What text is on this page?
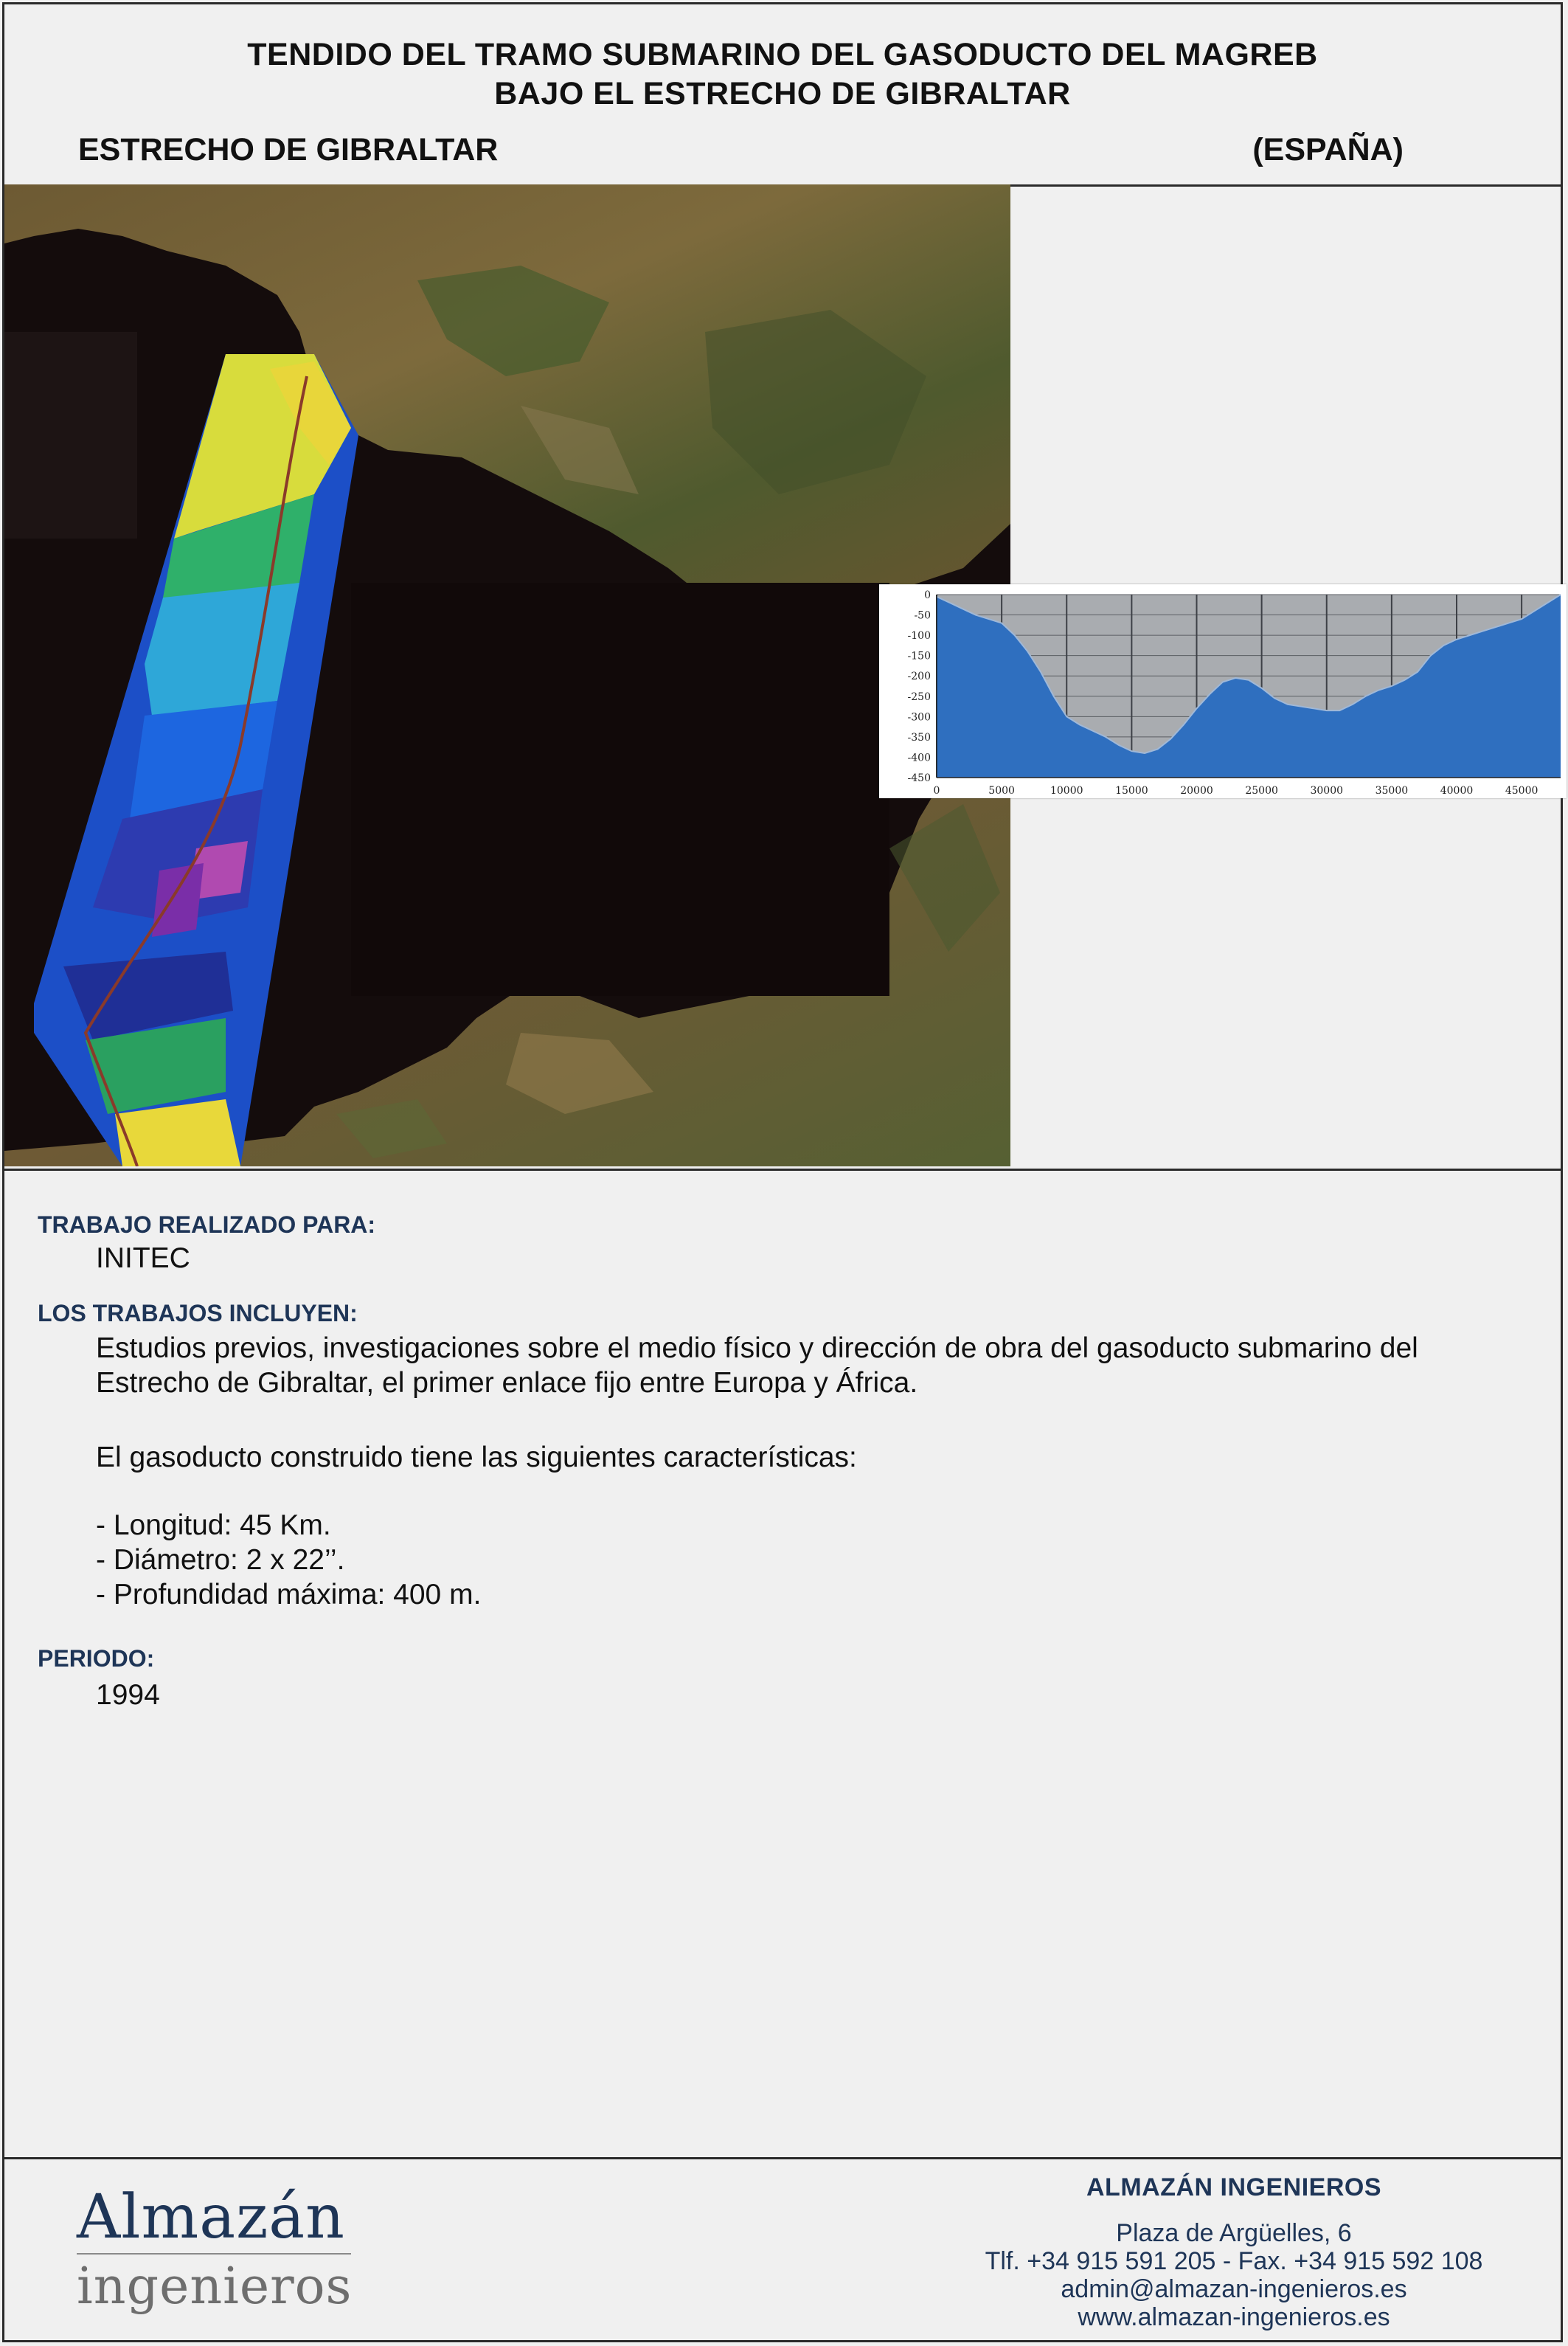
TENDIDO DEL TRAMO SUBMARINO DEL GASODUCTO DEL MAGREB
BAJO EL ESTRECHO DE GIBRALTAR
ESTRECHO DE GIBRALTAR	(ESPAÑA)
0
-50
-100
-150
-200
-250
-300
-350
-400
-450
0	5000	10000	15000	20000	25000	30000	35000	40000	45000
TRABAJO REALIZADO PARA:
INITEC
LOS TRABAJOS INCLUYEN:

Estudios previos, investigaciones sobre el medio físico y dirección de obra del gasoducto submarino del

Estrecho de Gibraltar, el primer enlace fijo entre Europa y África.

El gasoducto construido tiene las siguientes características:

- Longitud: 45 Km.

- Diámetro: 2 x 22’’.

- Profundidad máxima: 400 m.

PERIODO:
1994
Almazán
ingenieros
ALMAZÁN INGENIEROS
Plaza de Argüelles, 6
Tlf. +34 915 591 205 - Fax. +34 915 592 108
admin@almazan-ingenieros.es
www.almazan-ingenieros.es
